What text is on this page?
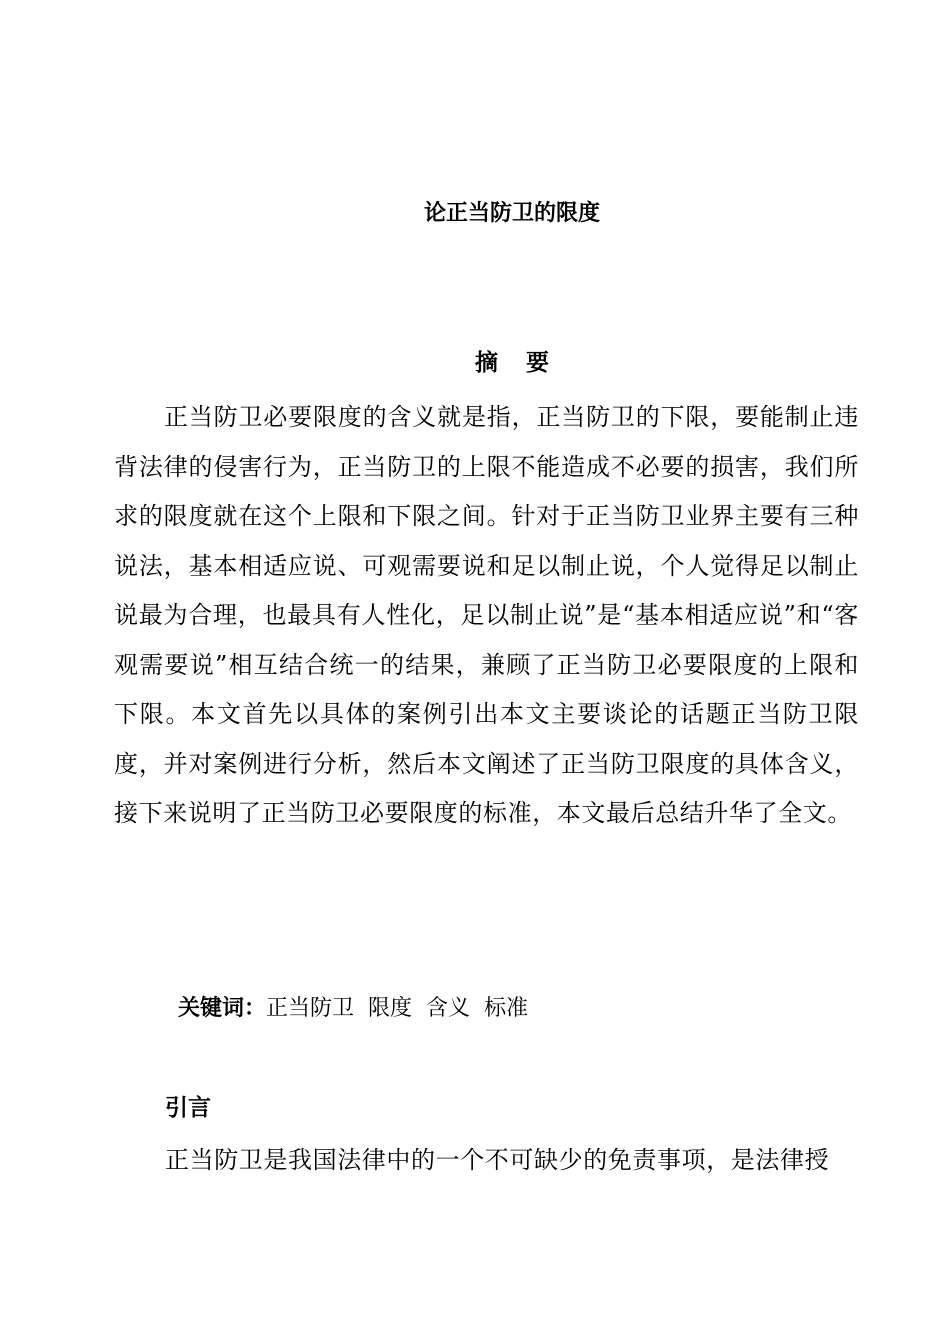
论正当防卫的限度
摘 要

正当防卫必要限度的含义就是指，正当防卫的下限，要能制止违背法律的侵害行为，正当防卫的上限不能造成不必要的损害，我们所求的限度就在这个上限和下限之间。针对于正当防卫业界主要有三种说法，基本相适应说、可观需要说和足以制止说，个人觉得足以制止说最为合理，也最具有人性化，足以制止说”是“基本相适应说”和“客观需要说”相互结合统一的结果，兼顾了正当防卫必要限度的上限和下限。本文首先以具体的案例引出本文主要谈论的话题正当防卫限度，并对案例进行分析，然后本文阐述了正当防卫限度的具体含义，接下来说明了正当防卫必要限度的标准，本文最后总结升华了全文。

关键词：正当防卫 限度 含义 标准
引言
正当防卫是我国法律中的一个不可缺少的免责事项，是法律授
